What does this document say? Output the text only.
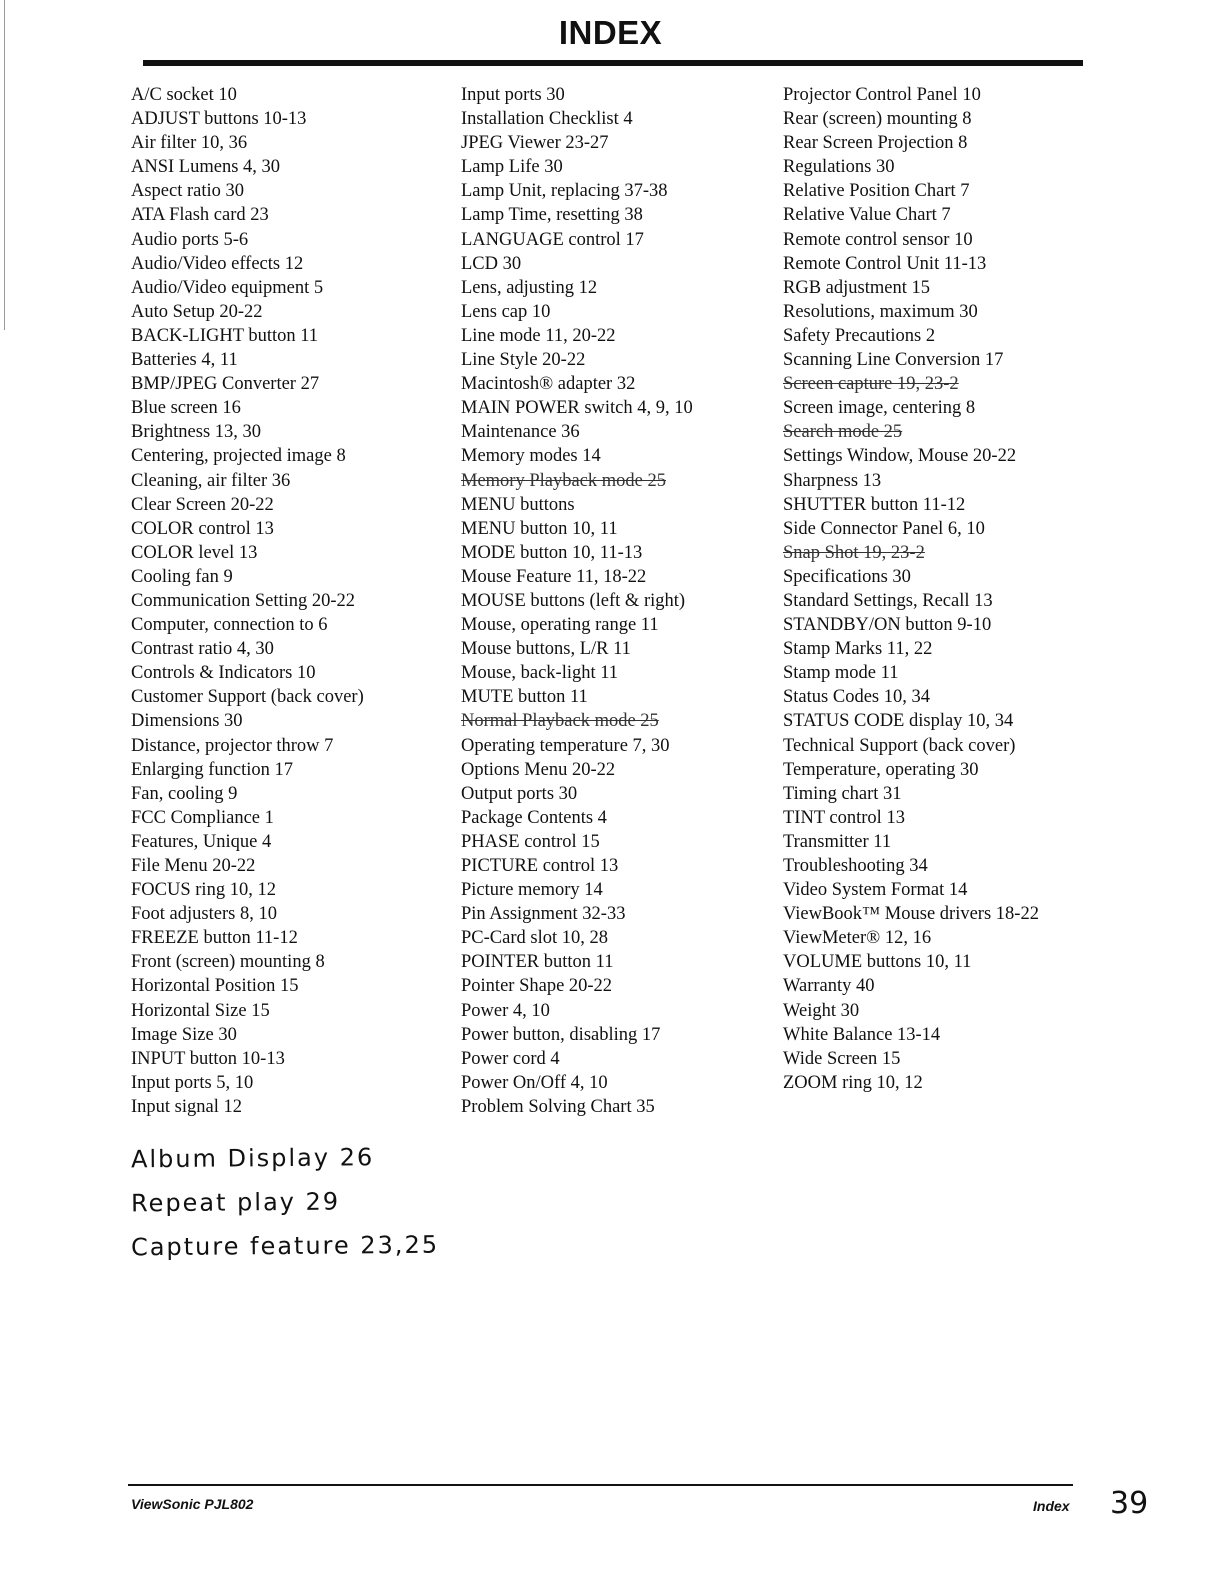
INDEX
A/C socket 10
ADJUST buttons 10-13
Air filter 10, 36
ANSI Lumens 4, 30
Aspect ratio 30
ATA Flash card 23
Audio ports 5-6
Audio/Video effects 12
Audio/Video equipment 5
Auto Setup 20-22
BACK-LIGHT button 11
Batteries 4, 11
BMP/JPEG Converter 27
Blue screen 16
Brightness 13, 30
Centering, projected image 8
Cleaning, air filter 36
Clear Screen 20-22
COLOR control 13
COLOR level 13
Cooling fan 9
Communication Setting 20-22
Computer, connection to 6
Contrast ratio 4, 30
Controls & Indicators 10
Customer Support (back cover)
Dimensions 30
Distance, projector throw 7
Enlarging function 17
Fan, cooling 9
FCC Compliance 1
Features, Unique 4
File Menu 20-22
FOCUS ring 10, 12
Foot adjusters 8, 10
FREEZE button 11-12
Front (screen) mounting 8
Horizontal Position 15
Horizontal Size 15
Image Size 30
INPUT button 10-13
Input ports 5, 10
Input signal 12
Input ports 30
Installation Checklist 4
JPEG Viewer 23-27
Lamp Life 30
Lamp Unit, replacing 37-38
Lamp Time, resetting 38
LANGUAGE control 17
LCD 30
Lens, adjusting 12
Lens cap 10
Line mode 11, 20-22
Line Style 20-22
Macintosh® adapter 32
MAIN POWER switch 4, 9, 10
Maintenance 36
Memory modes 14
Memory Playback mode 25
MENU buttons
MENU button 10, 11
MODE button 10, 11-13
Mouse Feature 11, 18-22
MOUSE buttons (left & right)
Mouse, operating range 11
Mouse buttons, L/R 11
Mouse, back-light 11
MUTE button 11
Normal Playback mode 25
Operating temperature 7, 30
Options Menu 20-22
Output ports 30
Package Contents 4
PHASE control 15
PICTURE control 13
Picture memory 14
Pin Assignment 32-33
PC-Card slot 10, 28
POINTER button 11
Pointer Shape 20-22
Power 4, 10
Power button, disabling 17
Power cord 4
Power On/Off 4, 10
Problem Solving Chart 35
Projector Control Panel 10
Rear (screen) mounting 8
Rear Screen Projection 8
Regulations 30
Relative Position Chart 7
Relative Value Chart 7
Remote control sensor 10
Remote Control Unit 11-13
RGB adjustment 15
Resolutions, maximum 30
Safety Precautions 2
Scanning Line Conversion 17
Screen capture 19, 23-2
Screen image, centering 8
Search mode 25
Settings Window, Mouse 20-22
Sharpness 13
SHUTTER button 11-12
Side Connector Panel 6, 10
Snap Shot 19, 23-2
Specifications 30
Standard Settings, Recall 13
STANDBY/ON button 9-10
Stamp Marks 11, 22
Stamp mode 11
Status Codes 10, 34
STATUS CODE display 10, 34
Technical Support (back cover)
Temperature, operating 30
Timing chart 31
TINT control 13
Transmitter 11
Troubleshooting 34
Video System Format 14
ViewBook™ Mouse drivers 18-22
ViewMeter® 12, 16
VOLUME buttons 10, 11
Warranty 40
Weight 30
White Balance 13-14
Wide Screen 15
ZOOM ring 10, 12
Album Display 26
Repeat play 29
Capture feature 23,25
ViewSonic PJL802	Index 39
